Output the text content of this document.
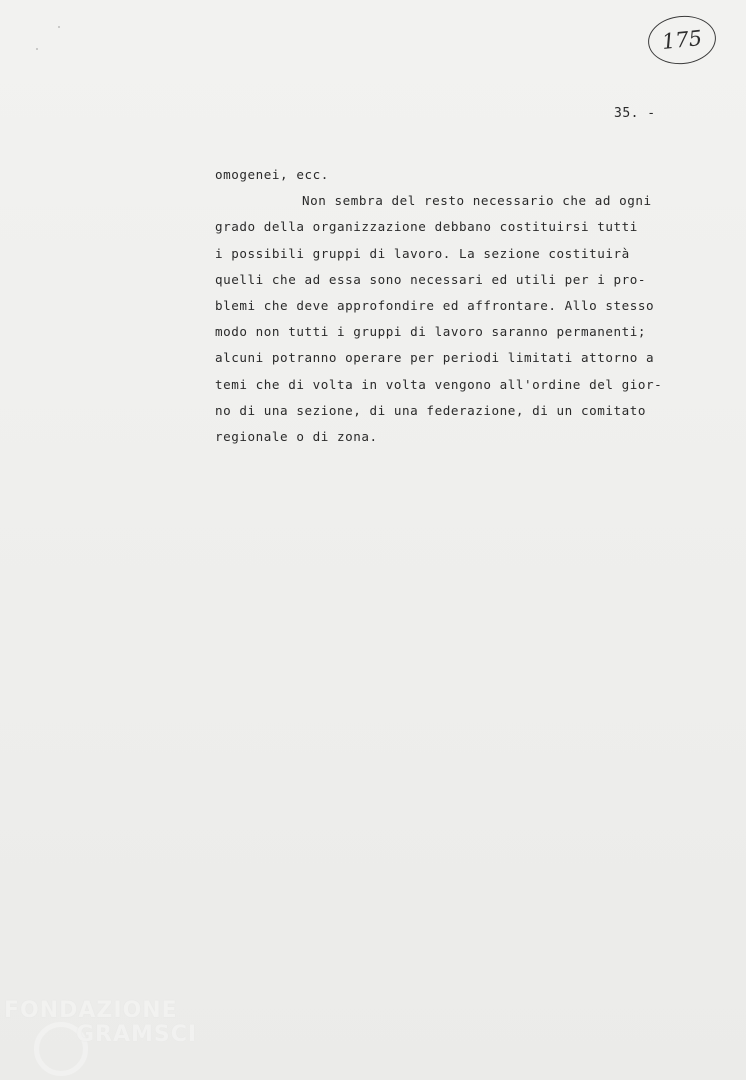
175
35. -
omogenei, ecc.
Non sembra del resto necessario che ad ogni
grado della organizzazione debbano costituirsi tutti
i possibili gruppi di lavoro. La sezione costituirà
quelli che ad essa sono necessari ed utili per i pro-
blemi che deve approfondire ed affrontare. Allo stesso
modo non tutti i gruppi di lavoro saranno permanenti;
alcuni potranno operare per periodi limitati attorno a
temi che di volta in volta vengono all'ordine del gior-
no di una sezione, di una federazione, di un comitato
regionale o di zona.
FONDAZIONE
GRAMSCI
